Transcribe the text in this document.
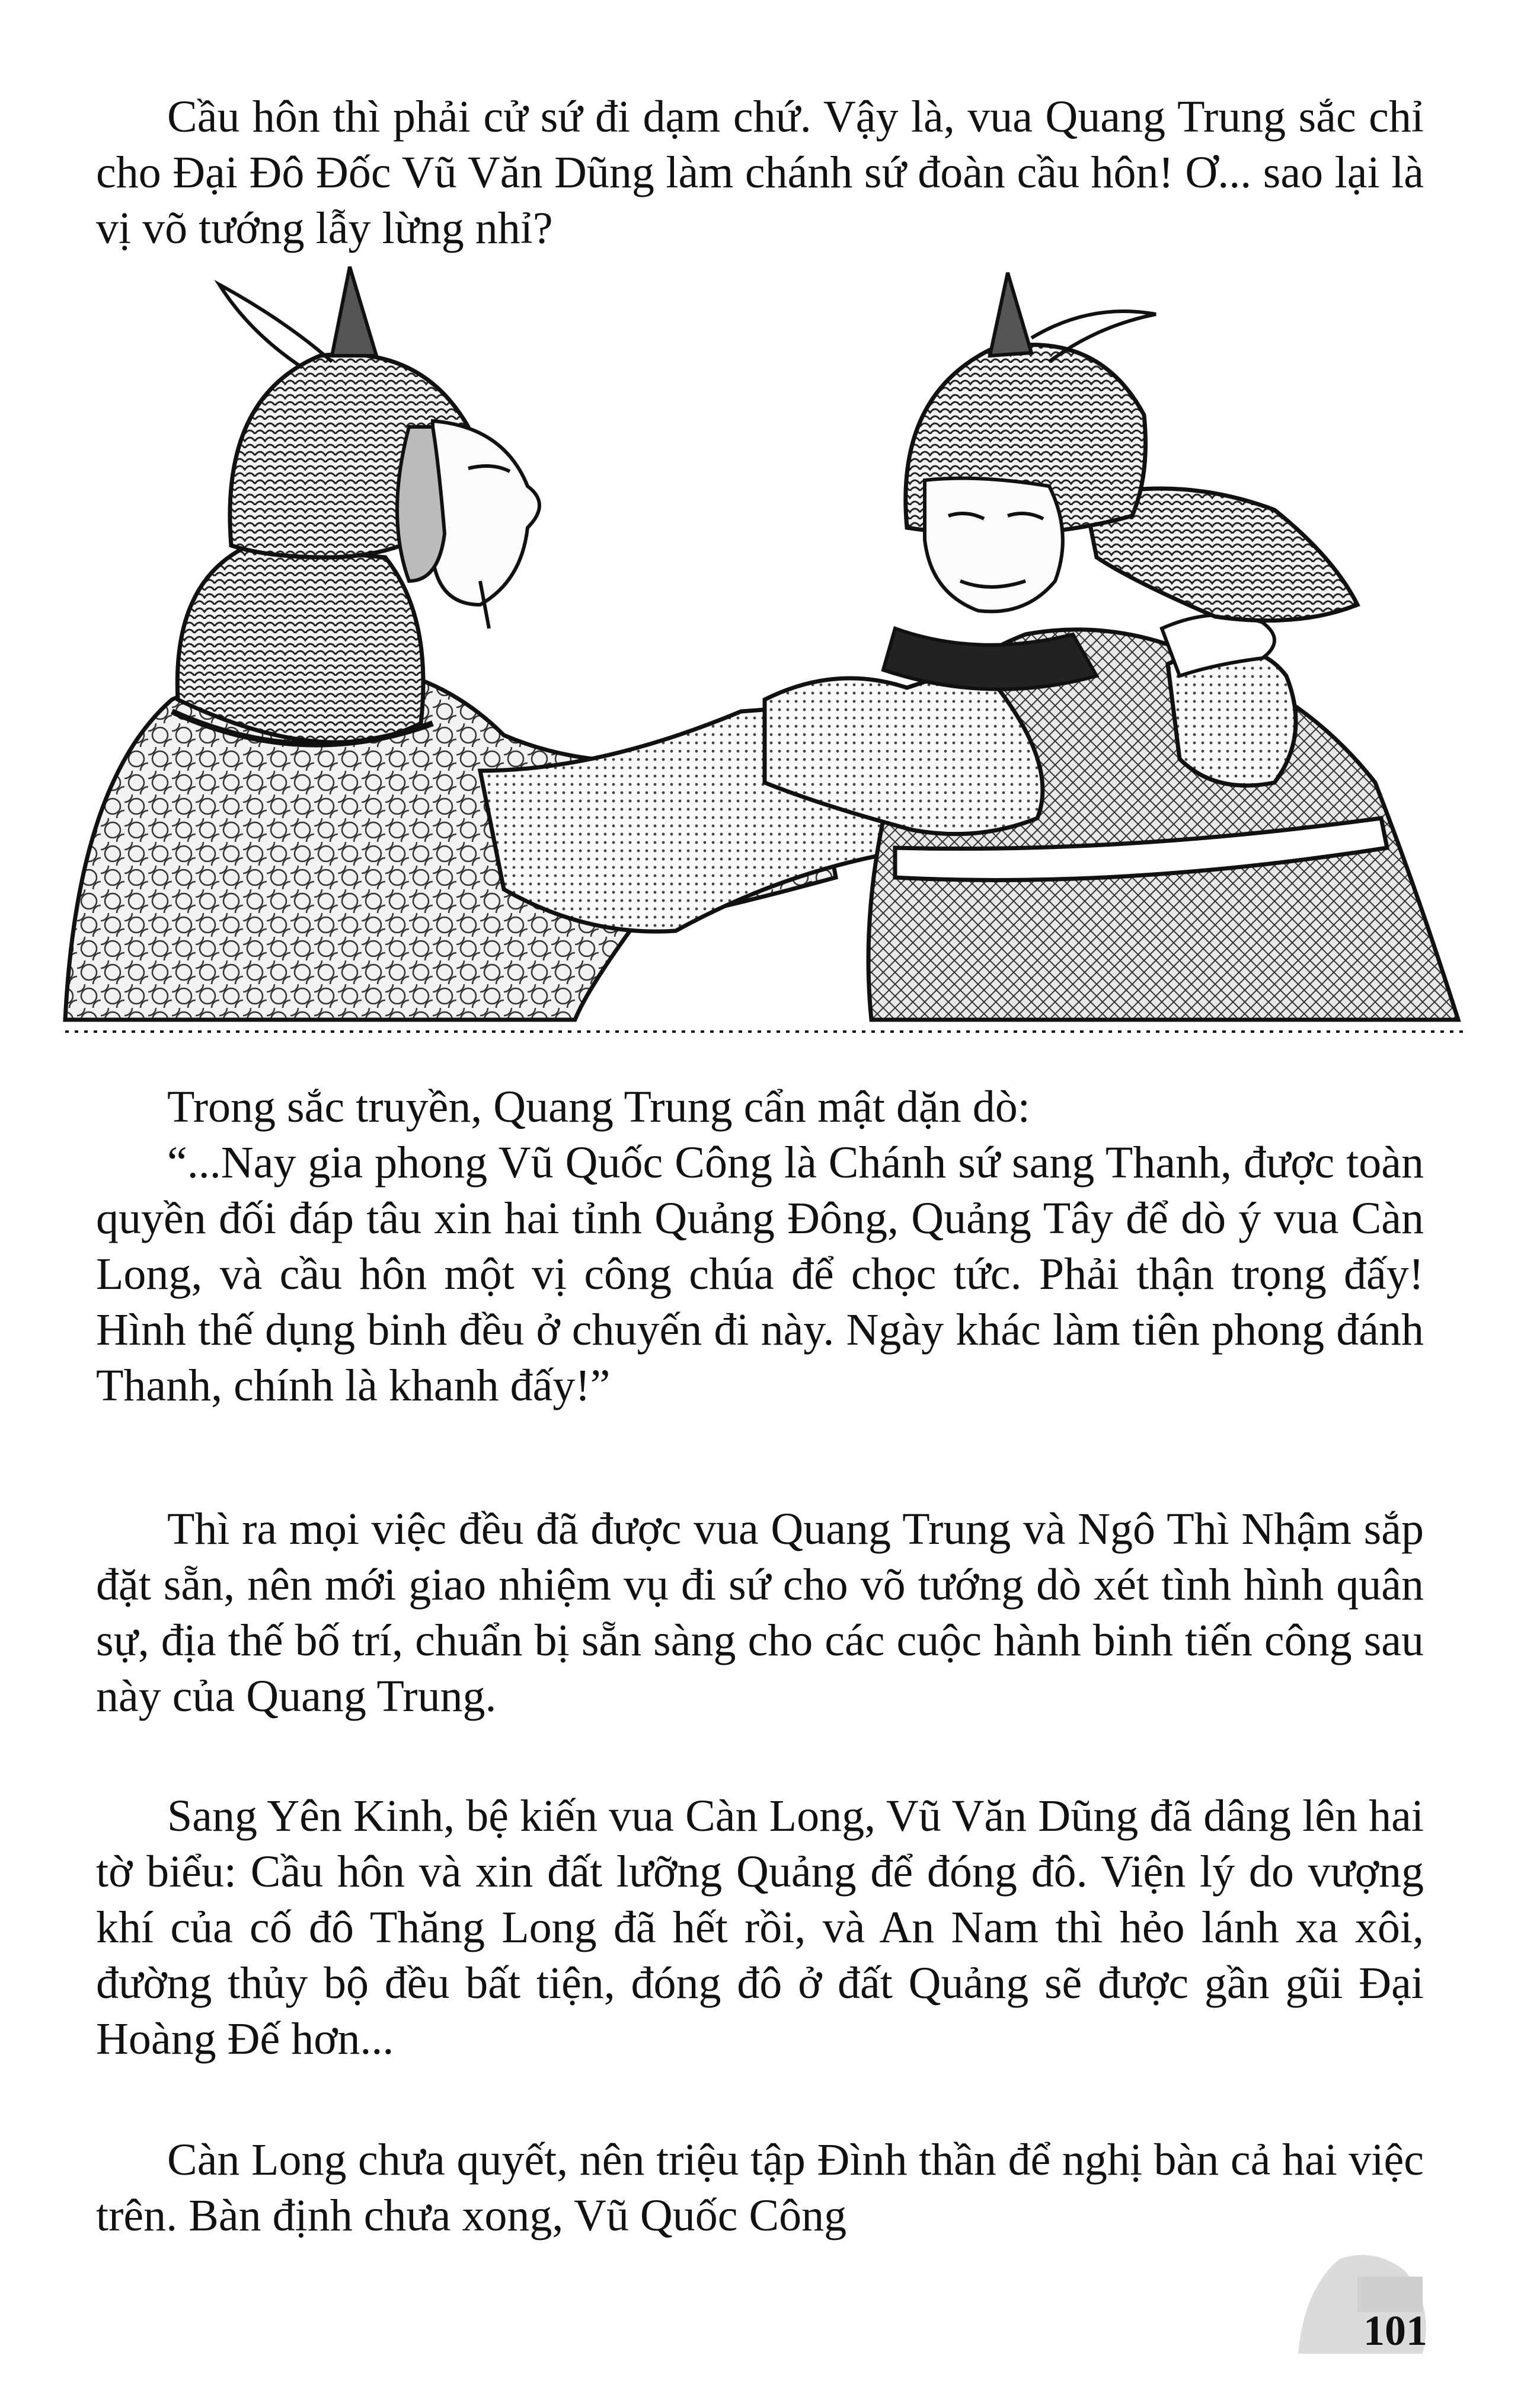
Cầu hôn thì phải cử sứ đi dạm chứ. Vậy là, vua Quang Trung sắc chỉ cho Đại Đô Đốc Vũ Văn Dũng làm chánh sứ đoàn cầu hôn! Ơ... sao lại là vị võ tướng lẫy lừng nhỉ?

Trong sắc truyền, Quang Trung cẩn mật dặn dò:

“...Nay gia phong Vũ Quốc Công là Chánh sứ sang Thanh, được toàn quyền đối đáp tâu xin hai tỉnh Quảng Đông, Quảng Tây để dò ý vua Càn Long, và cầu hôn một vị công chúa để chọc tức. Phải thận trọng đấy! Hình thế dụng binh đều ở chuyến đi này. Ngày khác làm tiên phong đánh Thanh, chính là khanh đấy!”

Thì ra mọi việc đều đã được vua Quang Trung và Ngô Thì Nhậm sắp đặt sẵn, nên mới giao nhiệm vụ đi sứ cho võ tướng dò xét tình hình quân sự, địa thế bố trí, chuẩn bị sẵn sàng cho các cuộc hành binh tiến công sau này của Quang Trung.

Sang Yên Kinh, bệ kiến vua Càn Long, Vũ Văn Dũng đã dâng lên hai tờ biểu: Cầu hôn và xin đất lưỡng Quảng để đóng đô. Viện lý do vượng khí của cố đô Thăng Long đã hết rồi, và An Nam thì hẻo lánh xa xôi, đường thủy bộ đều bất tiện, đóng đô ở đất Quảng sẽ được gần gũi Đại Hoàng Đế hơn...

Càn Long chưa quyết, nên triệu tập Đình thần để nghị bàn cả hai việc trên. Bàn định chưa xong, Vũ Quốc Công

101
